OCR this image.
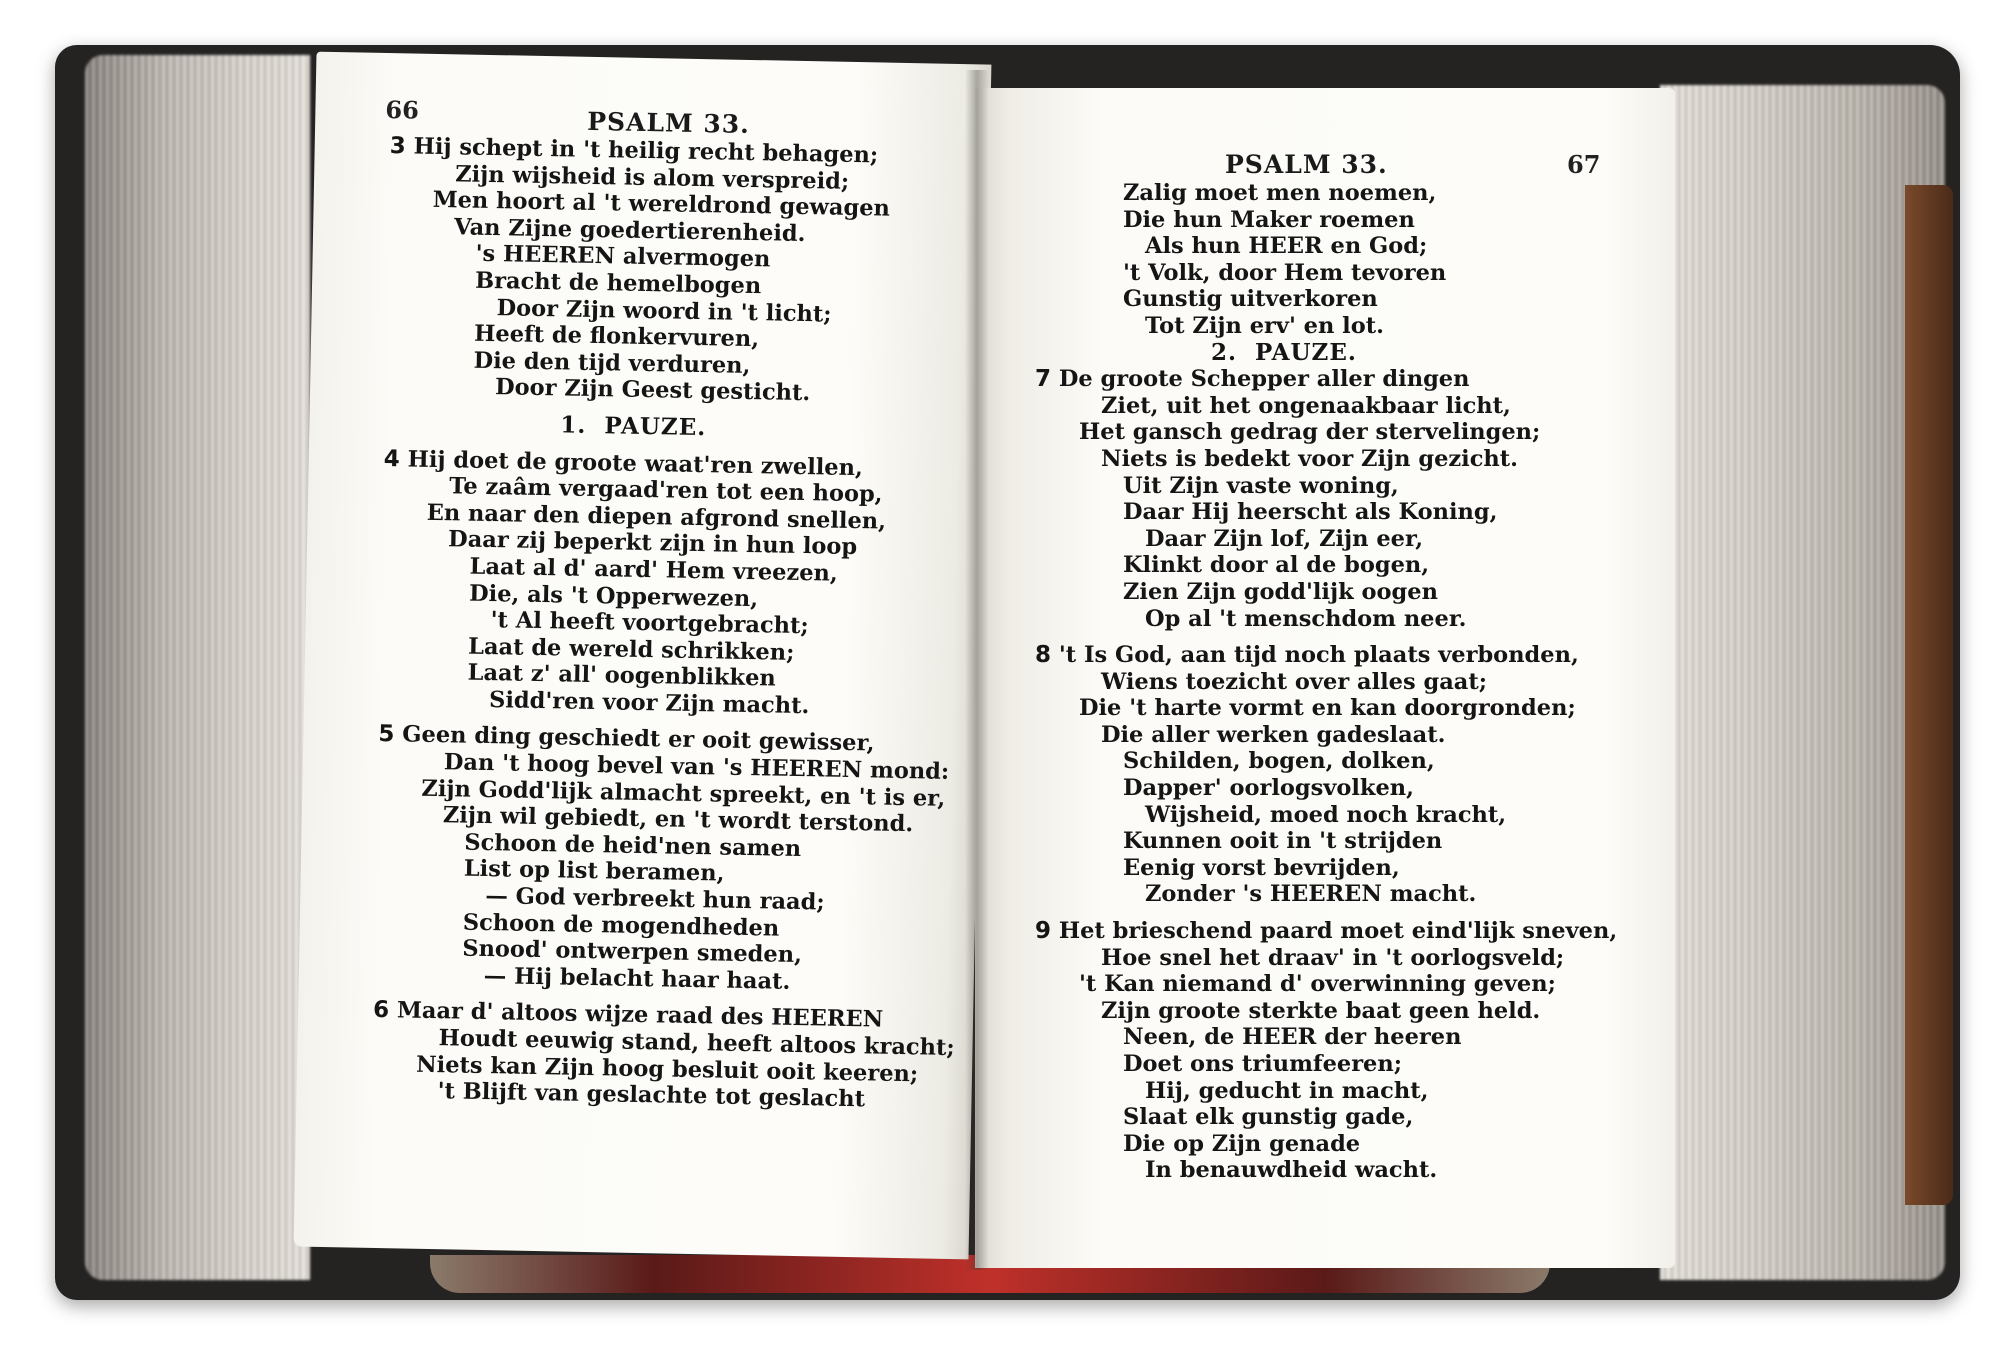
66	PSALM 33.
3 Hij schept in 't heilig recht behagen;
Zijn wijsheid is alom verspreid;
Men hoort al 't wereldrond gewagen
Van Zijne goedertierenheid.
's HEEREN alvermogen
Bracht de hemelbogen
Door Zijn woord in 't licht;
Heeft de flonkervuren,
Die den tijd verduren,
Door Zijn Geest gesticht.
1.  PAUZE.
4 Hij doet de groote waat'ren zwellen,
Te zaâm vergaad'ren tot een hoop,
En naar den diepen afgrond snellen,
Daar zij beperkt zijn in hun loop
Laat al d' aard' Hem vreezen,
Die, als 't Opperwezen,
't Al heeft voortgebracht;
Laat de wereld schrikken;
Laat z' all' oogenblikken
Sidd'ren voor Zijn macht.
5 Geen ding geschiedt er ooit gewisser,
Dan 't hoog bevel van 's HEEREN mond:
Zijn Godd'lijk almacht spreekt, en 't is er,
Zijn wil gebiedt, en 't wordt terstond.
Schoon de heid'nen samen
List op list beramen,
— God verbreekt hun raad;
Schoon de mogendheden
Snood' ontwerpen smeden,
— Hij belacht haar haat.
6 Maar d' altoos wijze raad des HEEREN
Houdt eeuwig stand, heeft altoos kracht;
Niets kan Zijn hoog besluit ooit keeren;
't Blijft van geslachte tot geslacht
PSALM 33.	67
Zalig moet men noemen,
Die hun Maker roemen
Als hun HEER en God;
't Volk, door Hem tevoren
Gunstig uitverkoren
Tot Zijn erv' en lot.
2.  PAUZE.
7 De groote Schepper aller dingen
Ziet, uit het ongenaakbaar licht,
Het gansch gedrag der stervelingen;
Niets is bedekt voor Zijn gezicht.
Uit Zijn vaste woning,
Daar Hij heerscht als Koning,
Daar Zijn lof, Zijn eer,
Klinkt door al de bogen,
Zien Zijn godd'lijk oogen
Op al 't menschdom neer.
8 't Is God, aan tijd noch plaats verbonden,
Wiens toezicht over alles gaat;
Die 't harte vormt en kan doorgronden;
Die aller werken gadeslaat.
Schilden, bogen, dolken,
Dapper' oorlogsvolken,
Wijsheid, moed noch kracht,
Kunnen ooit in 't strijden
Eenig vorst bevrijden,
Zonder 's HEEREN macht.
9 Het brieschend paard moet eind'lijk sneven,
Hoe snel het draav' in 't oorlogsveld;
't Kan niemand d' overwinning geven;
Zijn groote sterkte baat geen held.
Neen, de HEER der heeren
Doet ons triumfeeren;
Hij, geducht in macht,
Slaat elk gunstig gade,
Die op Zijn genade
In benauwdheid wacht.
